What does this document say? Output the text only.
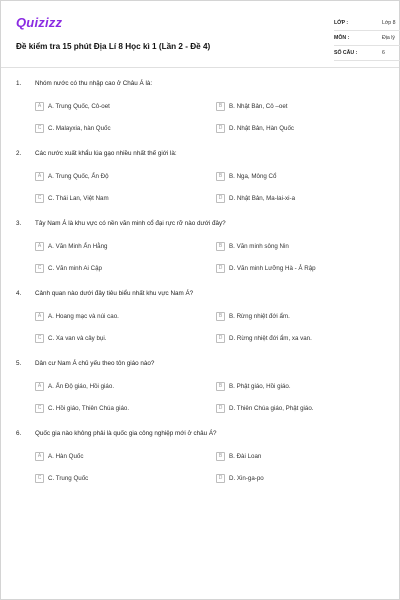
Quizizz
Đề kiểm tra 15 phút Địa Lí 8 Học kì 1 (Lần 2 - Đề 4)
LỚP :	Lớp 8
MÔN :	Địa lý
SỐ CÂU :	6
1. Nhóm nước có thu nhập cao ở Châu Á là:
A	A. Trung Quốc, Cô-oet	B	B. Nhật Bản, Cô –oet
C	C. Malayxia, hàn Quốc	D	D. Nhật Bản, Hàn Quốc
2. Các nước xuất khẩu lúa gạo nhiều nhất thế giới là:
A	A. Trung Quốc, Ấn Độ	B	B. Nga, Mông Cổ
C	C. Thái Lan, Việt Nam	D	D. Nhật Bản, Ma-lai-xi-a
3. Tây Nam Á là khu vực có nền văn minh cổ đại rực rỡ nào dưới đây?
A	A. Văn Minh Ấn Hằng	B	B. Văn minh sông Nin
C	C. Văn minh Ai Cập	D	D. Văn minh Lưỡng Hà - Ả Rập
4. Cảnh quan nào dưới đây tiêu biểu nhất khu vực Nam Á?
A	A. Hoang mạc và núi cao.	B	B. Rừng nhiệt đới ẩm.
C	C. Xa van và cây bụi.	D	D. Rừng nhiệt đới ẩm, xa van.
5. Dân cư Nam Á chủ yếu theo tôn giáo nào?
A	A. Ấn Độ giáo, Hồi giáo.	B	B. Phật giáo, Hồi giáo.
C	C. Hồi giáo, Thiên Chúa giáo.	D	D. Thiên Chúa giáo, Phật giáo.
6. Quốc gia nào không phải là quốc gia công nghiệp mới ở châu Á?
A	A. Hàn Quốc	B	B. Đài Loan
C	C. Trung Quốc	D	D. Xin-ga-po
